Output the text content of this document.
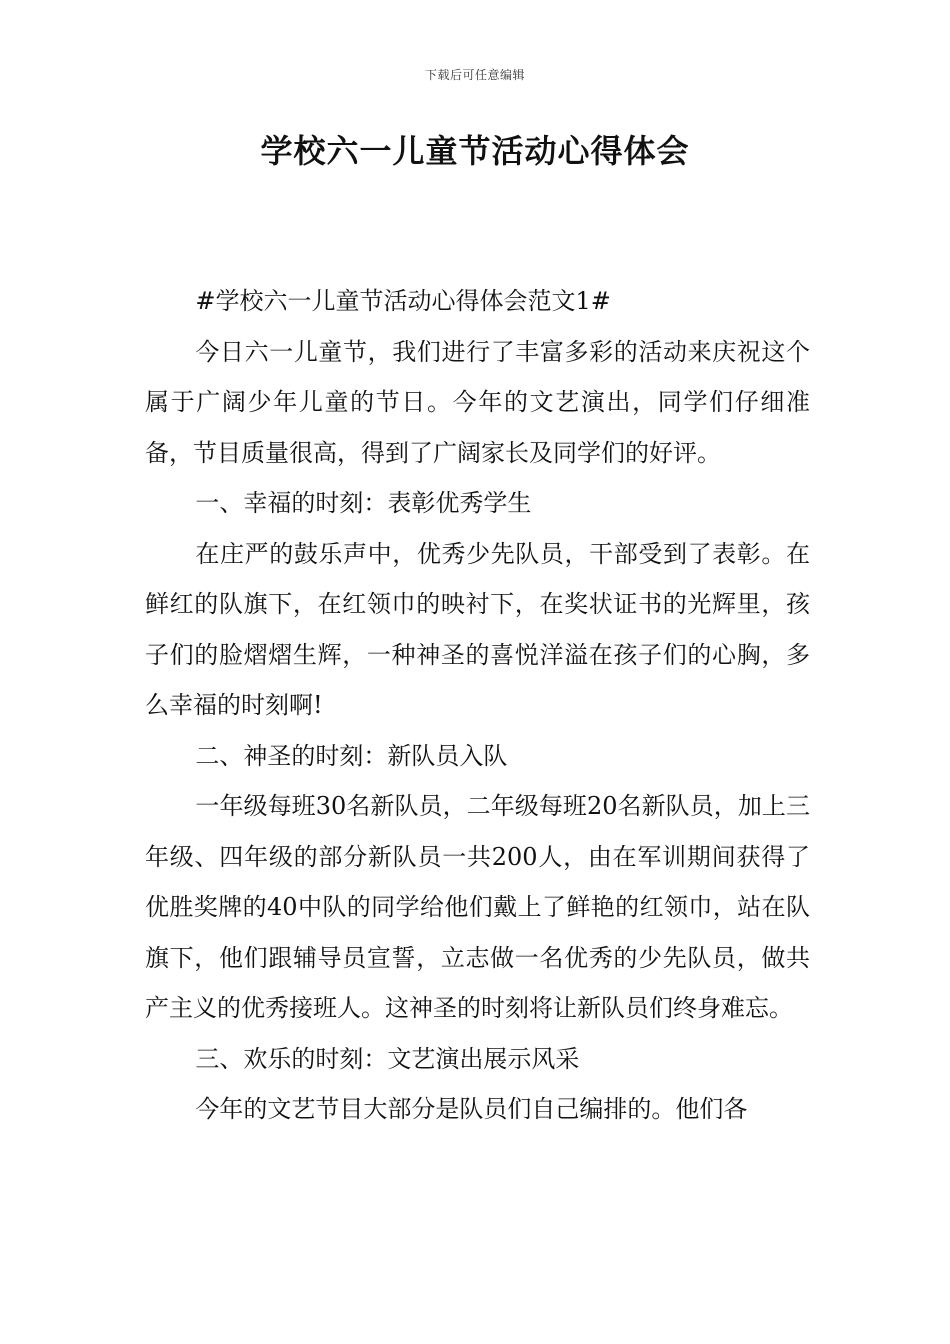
下载后可任意编辑
学校六一儿童节活动心得体会

#学校六一儿童节活动心得体会范文1#

今日六一儿童节，我们进行了丰富多彩的活动来庆祝这个属于广阔少年儿童的节日。今年的文艺演出，同学们仔细准备，节目质量很高，得到了广阔家长及同学们的好评。

一、幸福的时刻：表彰优秀学生

在庄严的鼓乐声中，优秀少先队员，干部受到了表彰。在鲜红的队旗下，在红领巾的映衬下，在奖状证书的光辉里，孩子们的脸熠熠生辉，一种神圣的喜悦洋溢在孩子们的心胸，多么幸福的时刻啊!

二、神圣的时刻：新队员入队

一年级每班30名新队员，二年级每班20名新队员，加上三年级、四年级的部分新队员一共200人，由在军训期间获得了优胜奖牌的40中队的同学给他们戴上了鲜艳的红领巾，站在队旗下，他们跟辅导员宣誓，立志做一名优秀的少先队员，做共产主义的优秀接班人。这神圣的时刻将让新队员们终身难忘。

三、欢乐的时刻：文艺演出展示风采

今年的文艺节目大部分是队员们自己编排的。他们各
